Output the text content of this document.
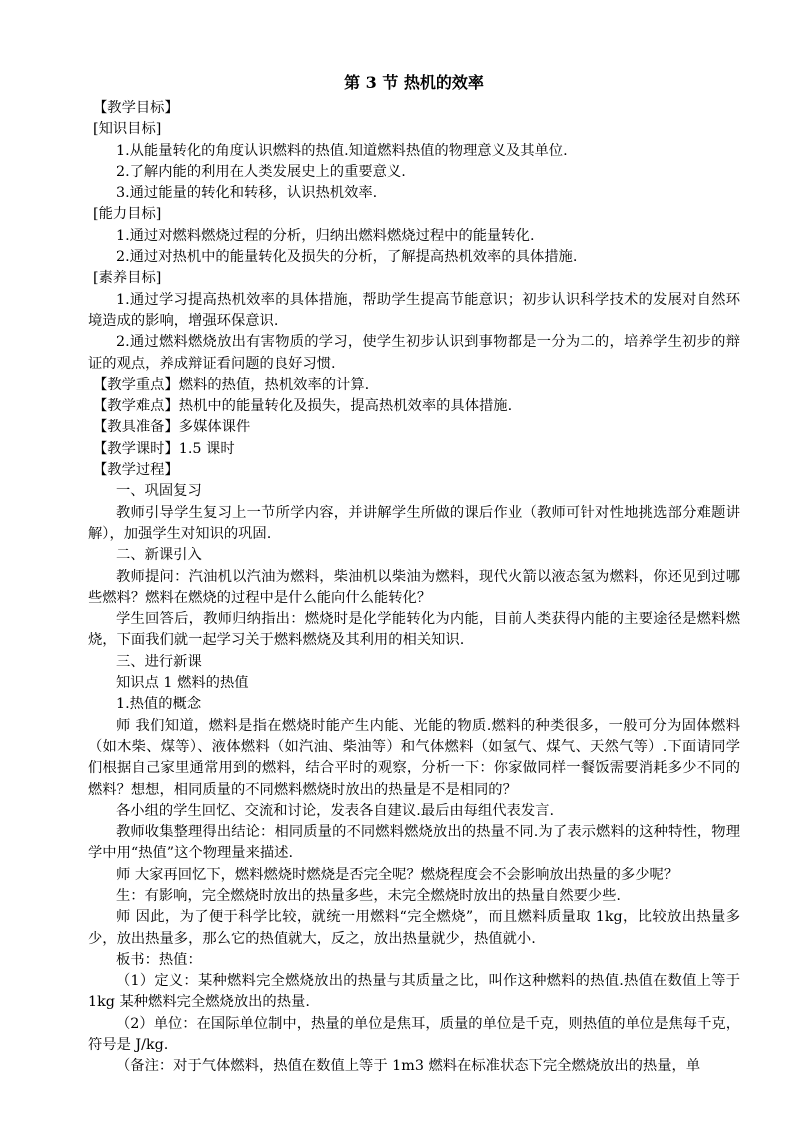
第 3 节 热机的效率

【教学目标】

[知识目标]

1.从能量转化的角度认识燃料的热值.知道燃料热值的物理意义及其单位.

2.了解内能的利用在人类发展史上的重要意义.

3.通过能量的转化和转移，认识热机效率.

[能力目标]

1.通过对燃料燃烧过程的分析，归纳出燃料燃烧过程中的能量转化.

2.通过对热机中的能量转化及损失的分析，了解提高热机效率的具体措施.

[素养目标]

1.通过学习提高热机效率的具体措施，帮助学生提高节能意识；初步认识科学技术的发展对自然环境造成的影响，增强环保意识.

2.通过燃料燃烧放出有害物质的学习，使学生初步认识到事物都是一分为二的，培养学生初步的辩证的观点，养成辩证看问题的良好习惯.

【教学重点】燃料的热值，热机效率的计算.

【教学难点】热机中的能量转化及损失，提高热机效率的具体措施.

【教具准备】多媒体课件

【教学课时】1.5 课时

【教学过程】

一、巩固复习

教师引导学生复习上一节所学内容，并讲解学生所做的课后作业（教师可针对性地挑选部分难题讲解），加强学生对知识的巩固.

二、新课引入

教师提问：汽油机以汽油为燃料，柴油机以柴油为燃料，现代火箭以液态氢为燃料，你还见到过哪些燃料？燃料在燃烧的过程中是什么能向什么能转化？

学生回答后，教师归纳指出：燃烧时是化学能转化为内能，目前人类获得内能的主要途径是燃料燃烧，下面我们就一起学习关于燃料燃烧及其利用的相关知识.

三、进行新课

知识点 1 燃料的热值

1.热值的概念

师 我们知道，燃料是指在燃烧时能产生内能、光能的物质.燃料的种类很多，一般可分为固体燃料（如木柴、煤等）、液体燃料（如汽油、柴油等）和气体燃料（如氢气、煤气、天然气等）.下面请同学们根据自己家里通常用到的燃料，结合平时的观察，分析一下：你家做同样一餐饭需要消耗多少不同的燃料？想想，相同质量的不同燃料燃烧时放出的热量是不是相同的？

各小组的学生回忆、交流和讨论，发表各自建议.最后由每组代表发言.

教师收集整理得出结论：相同质量的不同燃料燃烧放出的热量不同.为了表示燃料的这种特性，物理学中用“热值”这个物理量来描述.

师 大家再回忆下，燃料燃烧时燃烧是否完全呢？燃烧程度会不会影响放出热量的多少呢？

生：有影响，完全燃烧时放出的热量多些，未完全燃烧时放出的热量自然要少些.

师 因此，为了便于科学比较，就统一用燃料“完全燃烧”，而且燃料质量取 1kg，比较放出热量多少，放出热量多，那么它的热值就大，反之，放出热量就少，热值就小.

板书：热值：

（1）定义：某种燃料完全燃烧放出的热量与其质量之比，叫作这种燃料的热值.热值在数值上等于 1kg 某种燃料完全燃烧放出的热量.

（2）单位：在国际单位制中，热量的单位是焦耳，质量的单位是千克，则热值的单位是焦每千克，符号是 J/kg.

（备注：对于气体燃料，热值在数值上等于 1m3 燃料在标准状态下完全燃烧放出的热量，单
